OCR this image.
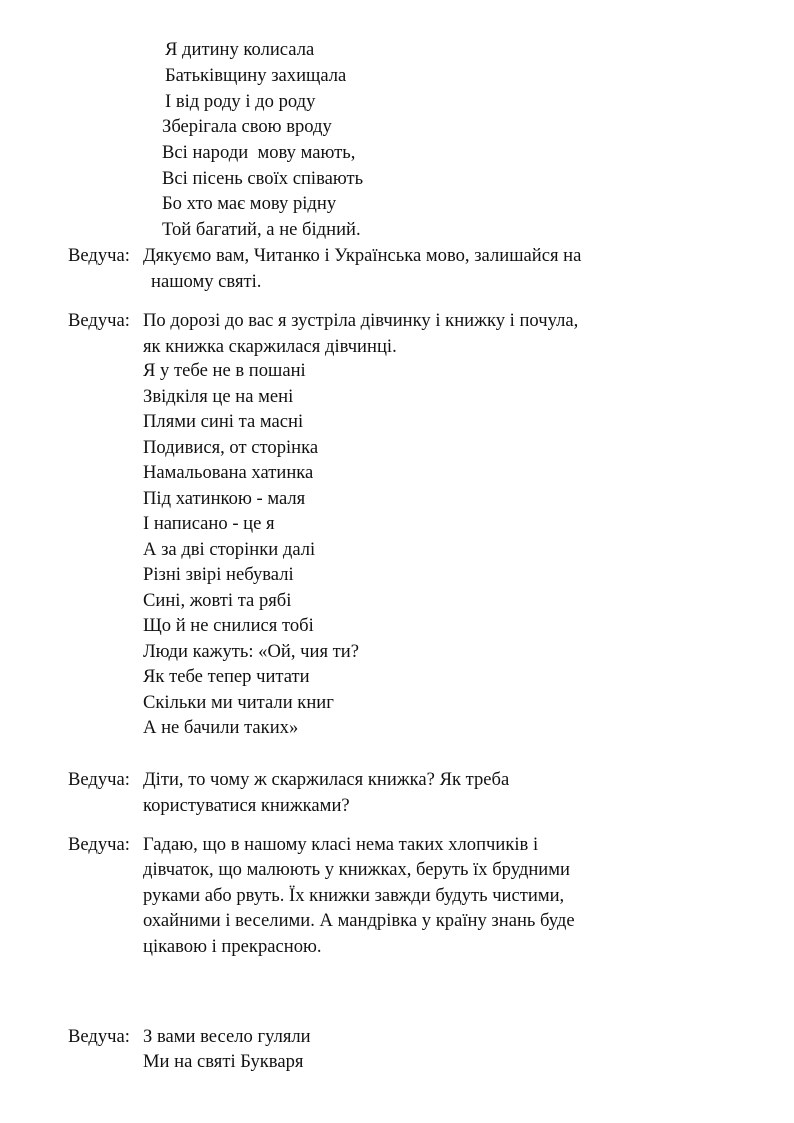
Я дитину колисала
Батьківщину захищала
І від роду і до роду
Зберігала свою вроду
Всі народи  мову мають,
Всі пісень своїх співають
Бо хто має мову рідну
Той багатий, а не бідний.
Ведуча: Дякуємо вам, Читанко і Українська мово, залишайся на
нашому святі.
Ведуча: По дорозі до вас я зустріла дівчинку і книжку і почула,
як книжка скаржилася дівчинці.
Я у тебе не в пошані
Звідкіля це на мені
Плями сині та масні
Подивися, от сторінка
Намальована хатинка
Під хатинкою - маля
І написано - це я
А за дві сторінки далі
Різні звірі небувалі
Сині, жовті та рябі
Що й не снилися тобі
Люди кажуть: «Ой, чия ти?
Як тебе тепер читати
Скільки ми читали книг
А не бачили таких»
Ведуча: Діти, то чому ж скаржилася книжка? Як треба
користуватися книжками?
Ведуча: Гадаю, що в нашому класі нема таких хлопчиків і
дівчаток, що малюють у книжках, беруть їх брудними
руками або рвуть. Їх книжки завжди будуть чистими,
охайними і веселими. А мандрівка у країну знань буде
цікавою і прекрасною.
Ведуча: З вами весело гуляли
Ми на святі Букваря
